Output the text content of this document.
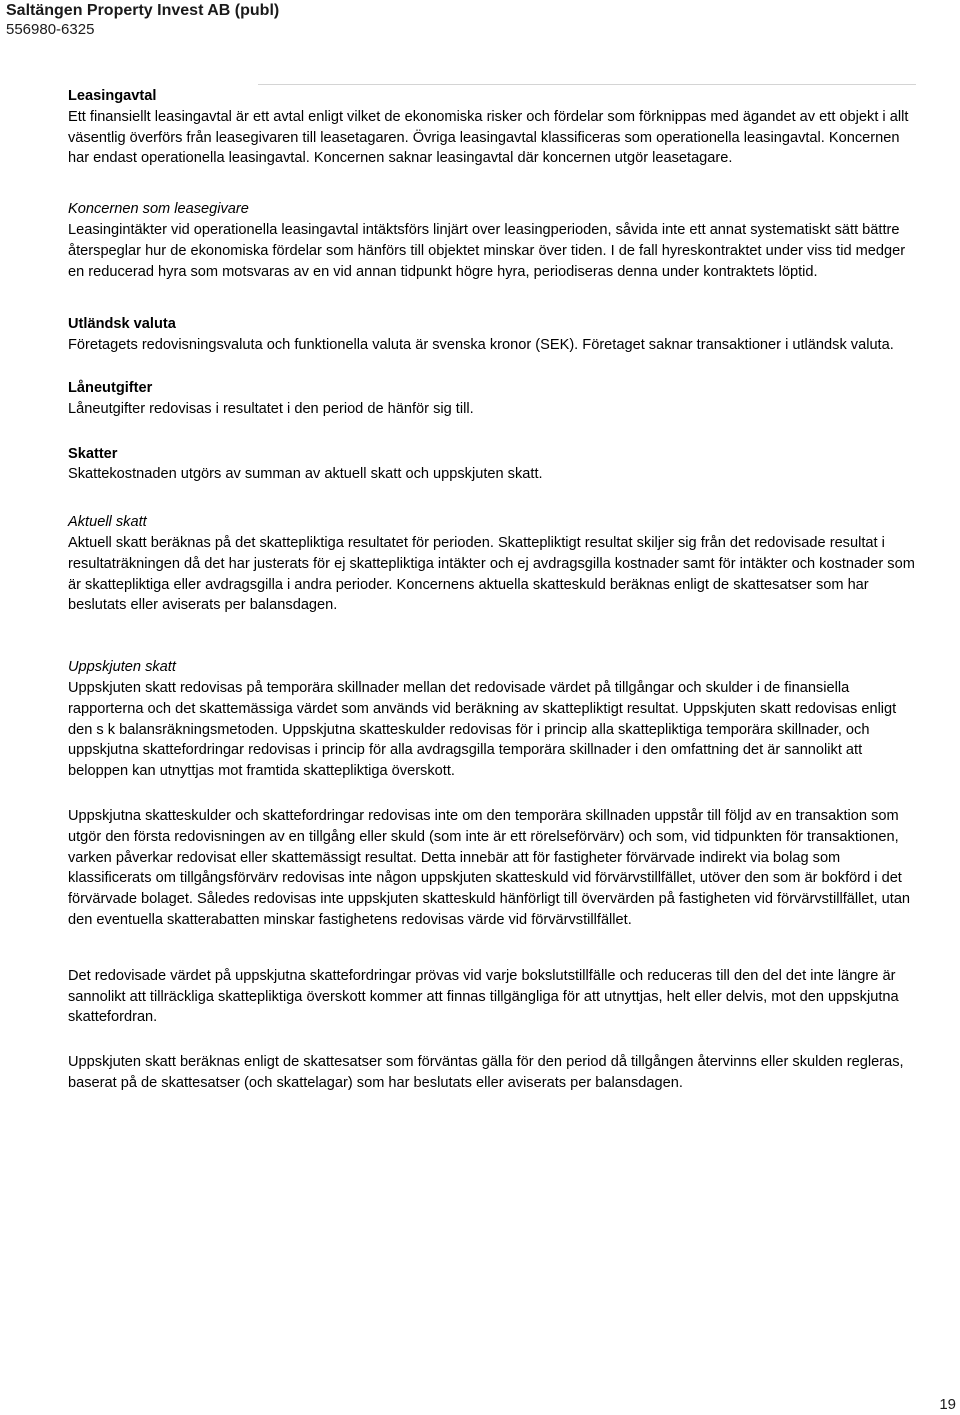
Saltängen Property Invest AB (publ)
556980-6325

Leasingavtal

Ett finansiellt leasingavtal är ett avtal enligt vilket de ekonomiska risker och fördelar som förknippas med ägandet av ett objekt i allt väsentlig överförs från leasegivaren till leasetagaren. Övriga leasingavtal klassificeras som operationella leasingavtal. Koncernen har endast operationella leasingavtal. Koncernen saknar leasingavtal där koncernen utgör leasetagare.

Koncernen som leasegivare

Leasingintäkter vid operationella leasingavtal intäktsförs linjärt over leasingperioden, såvida inte ett annat systematiskt sätt bättre återspeglar hur de ekonomiska fördelar som hänförs till objektet minskar över tiden. I de fall hyreskontraktet under viss tid medger en reducerad hyra som motsvaras av en vid annan tidpunkt högre hyra, periodiseras denna under kontraktets löptid.

Utländsk valuta

Företagets redovisningsvaluta och funktionella valuta är svenska kronor (SEK). Företaget saknar transaktioner i utländsk valuta.

Låneutgifter

Låneutgifter redovisas i resultatet i den period de hänför sig till.

Skatter

Skattekostnaden utgörs av summan av aktuell skatt och uppskjuten skatt.

Aktuell skatt

Aktuell skatt beräknas på det skattepliktiga resultatet för perioden. Skattepliktigt resultat skiljer sig från det redovisade resultat i resultaträkningen då det har justerats för ej skattepliktiga intäkter och ej avdragsgilla kostnader samt för intäkter och kostnader som är skattepliktiga eller avdragsgilla i andra perioder. Koncernens aktuella skatteskuld beräknas enligt de skattesatser som har beslutats eller aviserats per balansdagen.

Uppskjuten skatt

Uppskjuten skatt redovisas på temporära skillnader mellan det redovisade värdet på tillgångar och skulder i de finansiella rapporterna och det skattemässiga värdet som används vid beräkning av skattepliktigt resultat. Uppskjuten skatt redovisas enligt den s k balansräkningsmetoden. Uppskjutna skatteskulder redovisas för i princip alla skattepliktiga temporära skillnader, och uppskjutna skattefordringar redovisas i princip för alla avdragsgilla temporära skillnader i den omfattning det är sannolikt att beloppen kan utnyttjas mot framtida skattepliktiga överskott.

Uppskjutna skatteskulder och skattefordringar redovisas inte om den temporära skillnaden uppstår till följd av en transaktion som utgör den första redovisningen av en tillgång eller skuld (som inte är ett rörelseförvärv) och som, vid tidpunkten för transaktionen, varken påverkar redovisat eller skattemässigt resultat. Detta innebär att för fastigheter förvärvade indirekt via bolag som klassificerats om tillgångsförvärv redovisas inte någon uppskjuten skatteskuld vid förvärvstillfället, utöver den som är bokförd i det förvärvade bolaget. Således redovisas inte uppskjuten skatteskuld hänförligt till övervärden på fastigheten vid förvärvstillfället, utan den eventuella skatterabatten minskar fastighetens redovisas värde vid förvärvstillfället.

Det redovisade värdet på uppskjutna skattefordringar prövas vid varje bokslutstillfälle och reduceras till den del det inte längre är sannolikt att tillräckliga skattepliktiga överskott kommer att finnas tillgängliga för att utnyttjas, helt eller delvis, mot den uppskjutna skattefordran.

Uppskjuten skatt beräknas enligt de skattesatser som förväntas gälla för den period då tillgången återvinns eller skulden regleras, baserat på de skattesatser (och skattelagar) som har beslutats eller aviserats per balansdagen.

19
